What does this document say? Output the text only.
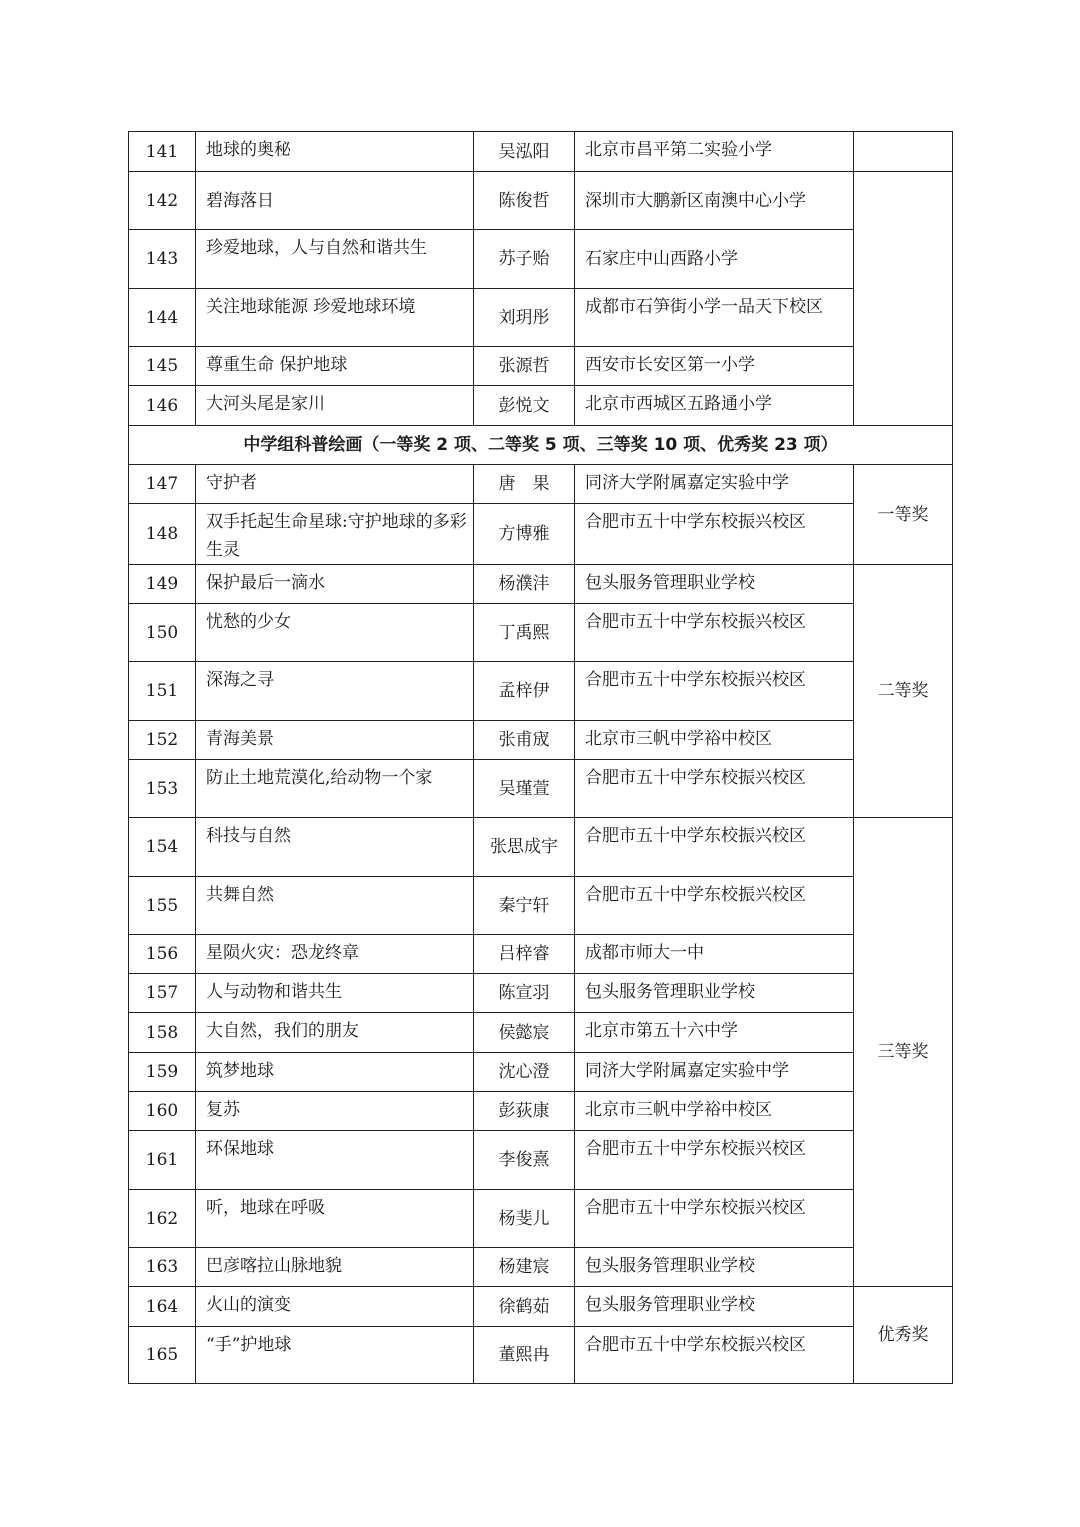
141	地球的奥秘	吴泓阳	北京市昌平第二实验小学	
142	碧海落日	陈俊哲	深圳市大鹏新区南澳中心小学	
143	珍爱地球，人与自然和谐共生	苏子贻	石家庄中山西路小学	
144	关注地球能源 珍爱地球环境	刘玥彤	成都市石笋街小学一品天下校区	
145	尊重生命 保护地球	张源哲	西安市长安区第一小学	
146	大河头尾是家川	彭悦文	北京市西城区五路通小学	
中学组科普绘画（一等奖 2 项、二等奖 5 项、三等奖 10 项、优秀奖 23 项）				
147	守护者	唐　果	同济大学附属嘉定实验中学	一等奖
148	双手托起生命星球:守护地球的多彩生灵	方博雅	合肥市五十中学东校振兴校区	
149	保护最后一滴水	杨濮沣	包头服务管理职业学校	二等奖
150	忧愁的少女	丁禹熙	合肥市五十中学东校振兴校区	
151	深海之寻	孟梓伊	合肥市五十中学东校振兴校区	
152	青海美景	张甫宬	北京市三帆中学裕中校区	
153	防止土地荒漠化,给动物一个家	吴瑾萱	合肥市五十中学东校振兴校区	
154	科技与自然	张思成宇	合肥市五十中学东校振兴校区	三等奖
155	共舞自然	秦宁轩	合肥市五十中学东校振兴校区	
156	星陨火灾：恐龙终章	吕梓睿	成都市师大一中	
157	人与动物和谐共生	陈宣羽	包头服务管理职业学校	
158	大自然，我们的朋友	侯懿宸	北京市第五十六中学	
159	筑梦地球	沈心澄	同济大学附属嘉定实验中学	
160	复苏	彭荻康	北京市三帆中学裕中校区	
161	环保地球	李俊熹	合肥市五十中学东校振兴校区	
162	听，地球在呼吸	杨斐儿	合肥市五十中学东校振兴校区	
163	巴彦喀拉山脉地貌	杨建宸	包头服务管理职业学校	
164	火山的演变	徐鹤茹	包头服务管理职业学校	优秀奖
165	“手”护地球	董熙冉	合肥市五十中学东校振兴校区	
